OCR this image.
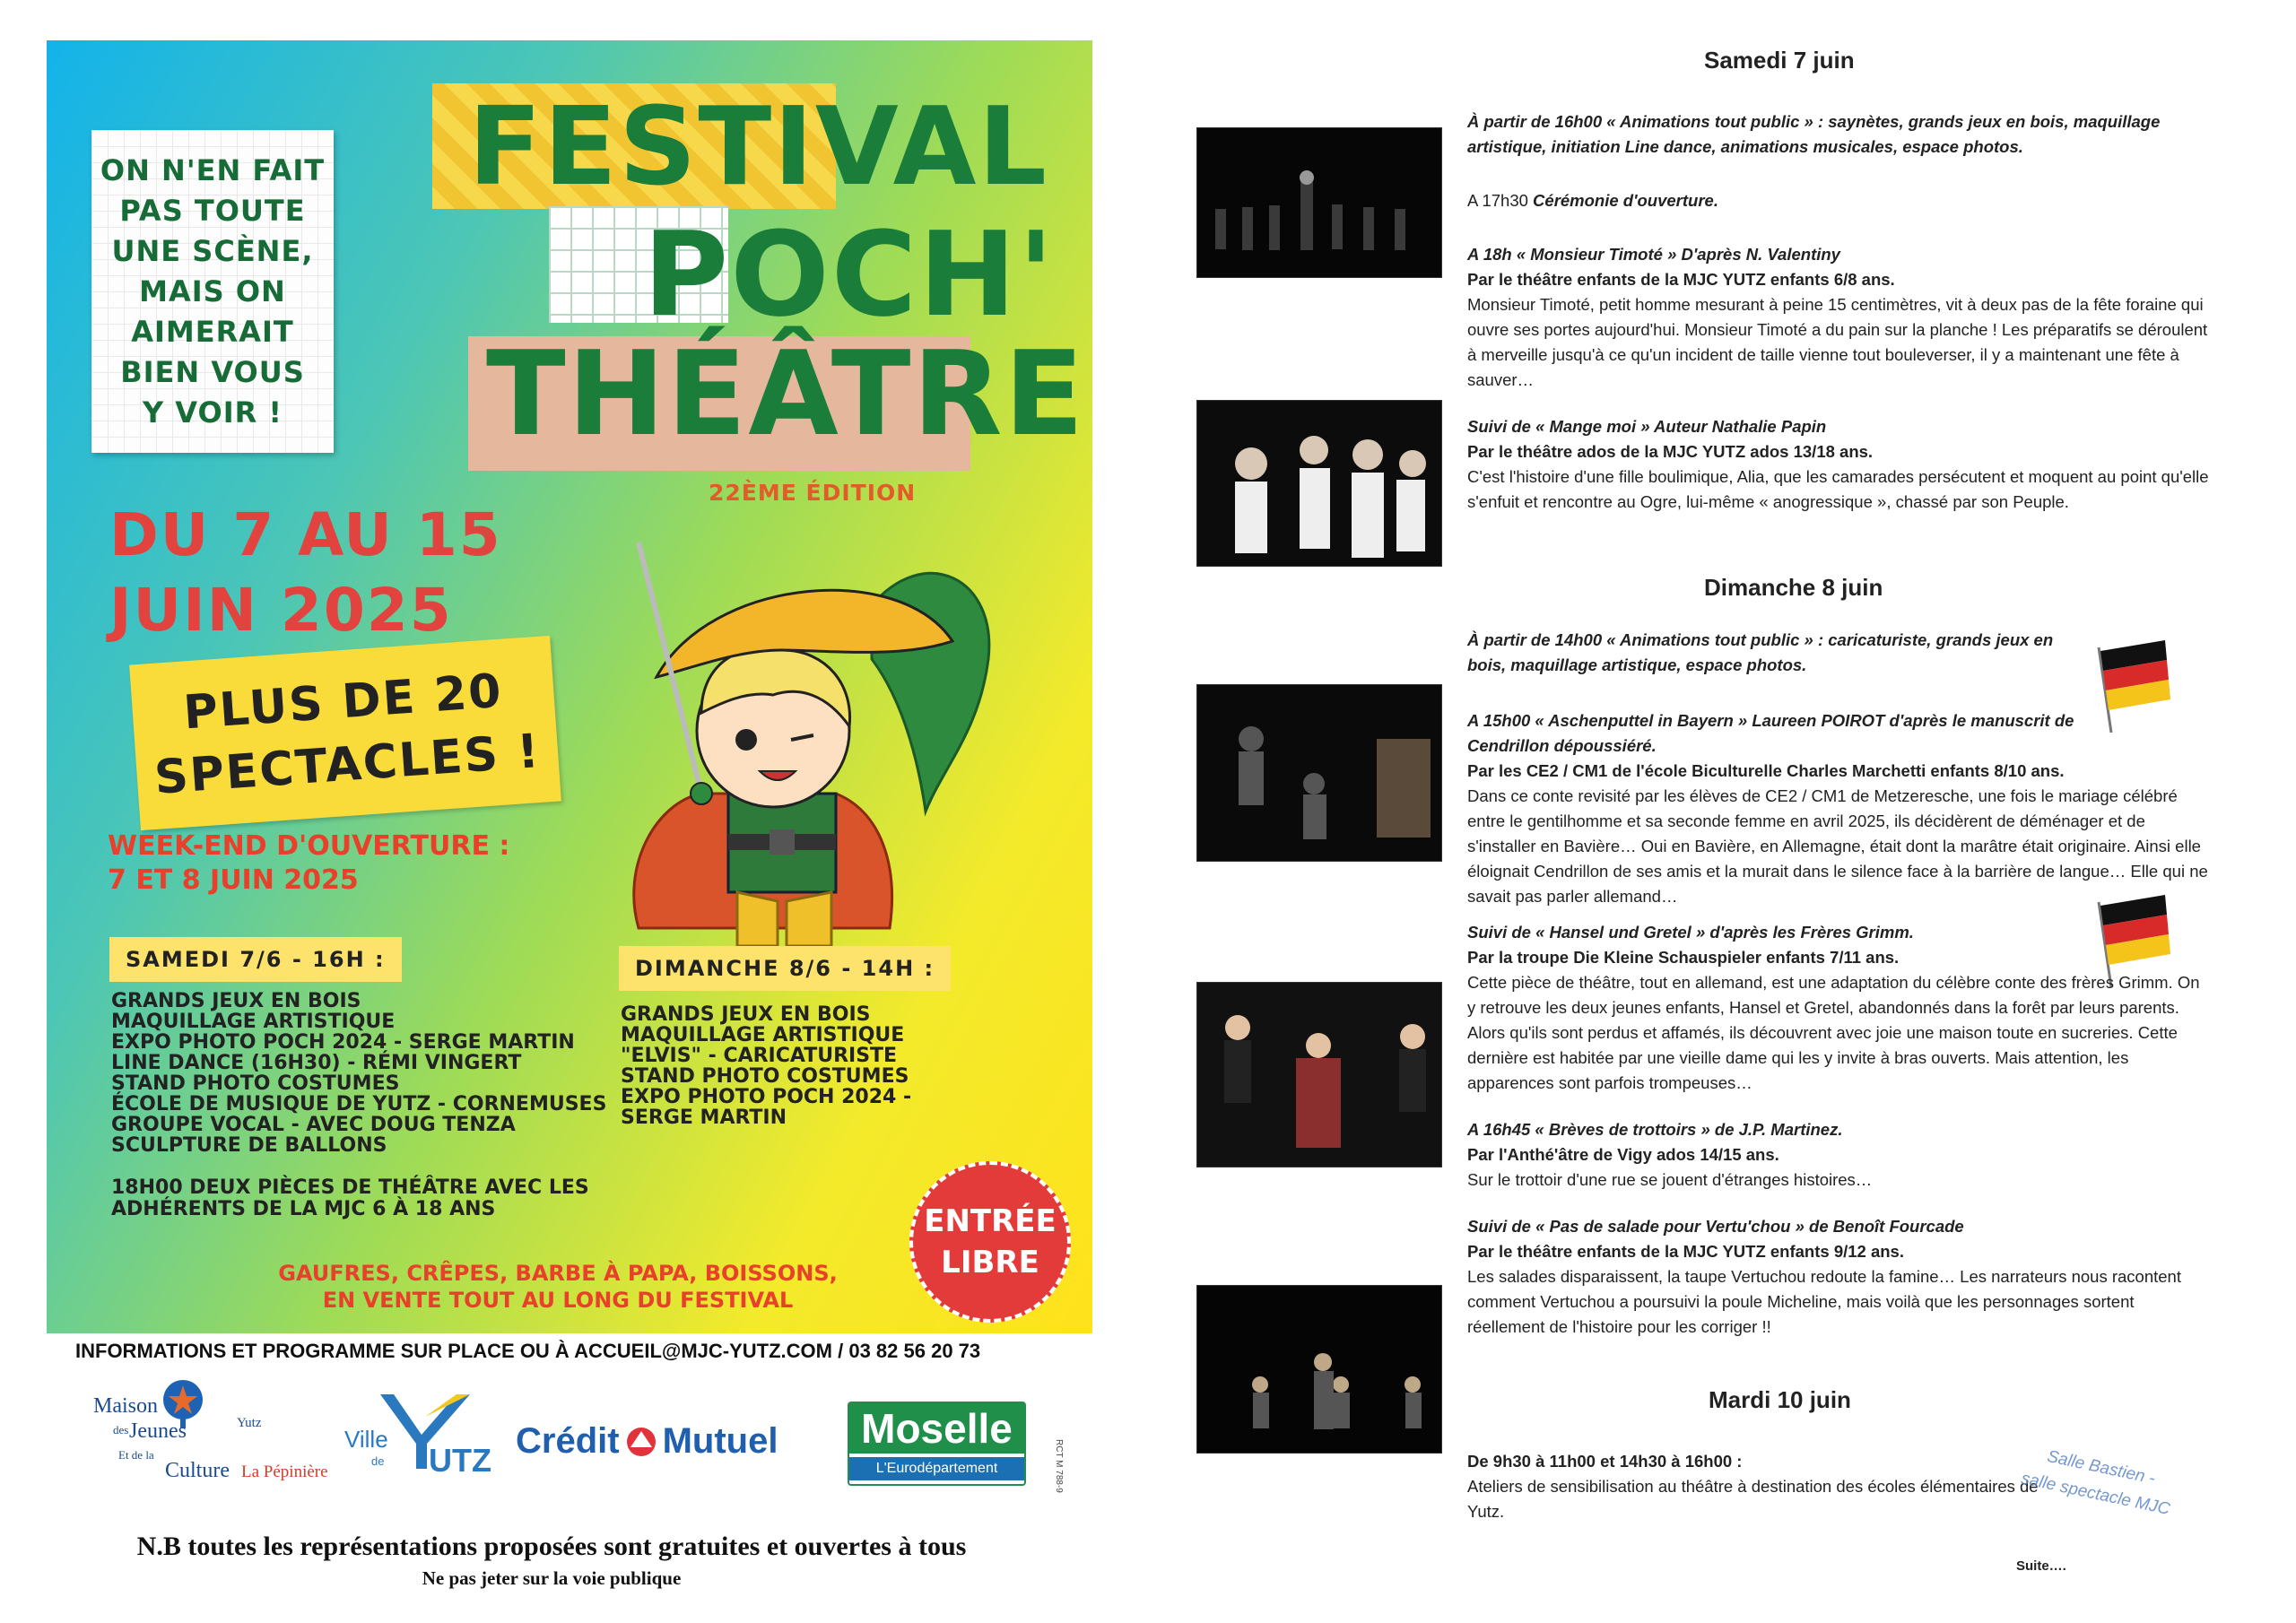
ON N'EN FAIT
PAS TOUTE
UNE SCÈNE,
MAIS ON
AIMERAIT
BIEN VOUS
Y VOIR !
FESTIVAL
POCH'
THÉÂTRE
22ÈME ÉDITION
DU 7 AU 15
JUIN 2025
PLUS DE 20
SPECTACLES !
WEEK-END D'OUVERTURE :
7 ET 8 JUIN 2025
SAMEDI 7/6 - 16H :	DIMANCHE 8/6 - 14H :
GRANDS JEUX EN BOIS
MAQUILLAGE ARTISTIQUE
EXPO PHOTO POCH 2024 - SERGE MARTIN
LINE DANCE (16H30) - RÉMI VINGERT
STAND PHOTO COSTUMES
ÉCOLE DE MUSIQUE DE YUTZ - CORNEMUSES
GROUPE VOCAL - AVEC DOUG TENZA
SCULPTURE DE BALLONS
GRANDS JEUX EN BOIS
MAQUILLAGE ARTISTIQUE
"ELVIS" - CARICATURISTE
STAND PHOTO COSTUMES
EXPO PHOTO POCH 2024 -
SERGE MARTIN
18H00 DEUX PIÈCES DE THÉÂTRE AVEC LES
ADHÉRENTS DE LA MJC 6 À 18 ANS	ENTRÉE
LIBRE
GAUFRES, CRÊPES, BARBE À PAPA, BOISSONS,
EN VENTE TOUT AU LONG DU FESTIVAL
INFORMATIONS ET PROGRAMME SUR PLACE OU À ACCUEIL@MJC-YUTZ.COM / 03 82 56 20 73
Maison
des Jeunes	Yutz
Et de la
Culture La Pépinière
Ville
de UTZ Crédit Mutuel Moselle
L'Eurodépartement	RCT M 788-9
N.B toutes les représentations proposées sont gratuites et ouvertes à tous
Ne pas jeter sur la voie publique
Samedi 7 juin

À partir de 16h00 « Animations tout public » : saynètes, grands jeux en bois, maquillage artistique, initiation Line dance, animations musicales, espace photos.

A 17h30 Cérémonie d'ouverture.

A 18h « Monsieur Timoté » D'après N. Valentiny

Par le théâtre enfants de la MJC YUTZ enfants 6/8 ans.

Monsieur Timoté, petit homme mesurant à peine 15 centimètres, vit à deux pas de la fête foraine qui ouvre ses portes aujourd'hui. Monsieur Timoté a du pain sur la planche ! Les préparatifs se déroulent à merveille jusqu'à ce qu'un incident de taille vienne tout bouleverser, il y a maintenant une fête à sauver…

Suivi de « Mange moi » Auteur Nathalie Papin

Par le théâtre ados de la MJC YUTZ ados 13/18 ans.

C'est l'histoire d'une fille boulimique, Alia, que les camarades persécutent et moquent au point qu'elle s'enfuit et rencontre au Ogre, lui-même « anogressique », chassé par son Peuple.

Dimanche 8 juin

À partir de 14h00 « Animations tout public » : caricaturiste, grands jeux en bois, maquillage artistique, espace photos.

A 15h00 « Aschenputtel in Bayern » Laureen POIROT d'après le manuscrit de Cendrillon dépoussiéré.

Par les CE2 / CM1 de l'école Biculturelle Charles Marchetti enfants 8/10 ans.

Dans ce conte revisité par les élèves de CE2 / CM1 de Metzeresche, une fois le mariage célébré entre le gentilhomme et sa seconde femme en avril 2025, ils décidèrent de déménager et de s'installer en Bavière… Oui en Bavière, en Allemagne, était dont la marâtre était originaire. Ainsi elle éloignait Cendrillon de ses amis et la murait dans le silence face à la barrière de langue… Elle qui ne savait pas parler allemand…

Suivi de « Hansel und Gretel » d'après les Frères Grimm.

Par la troupe Die Kleine Schauspieler enfants 7/11 ans.

Cette pièce de théâtre, tout en allemand, est une adaptation du célèbre conte des frères Grimm. On y retrouve les deux jeunes enfants, Hansel et Gretel, abandonnés dans la forêt par leurs parents. Alors qu'ils sont perdus et affamés, ils découvrent avec joie une maison toute en sucreries. Cette dernière est habitée par une vieille dame qui les y invite à bras ouverts. Mais attention, les apparences sont parfois trompeuses…

A 16h45 « Brèves de trottoirs » de J.P. Martinez.

Par l'Anthé'âtre de Vigy ados 14/15 ans.

Sur le trottoir d'une rue se jouent d'étranges histoires…

Suivi de « Pas de salade pour Vertu'chou » de Benoît Fourcade

Par le théâtre enfants de la MJC YUTZ enfants 9/12 ans.

Les salades disparaissent, la taupe Vertuchou redoute la famine… Les narrateurs nous racontent comment Vertuchou a poursuivi la poule Micheline, mais voilà que les personnages sortent réellement de l'histoire pour les corriger !!

Mardi 10 juin

De 9h30 à 11h00 et 14h30 à 16h00 :

Ateliers de sensibilisation au théâtre à destination des écoles élémentaires de Yutz.

Salle Bastien -
salle spectacle MJC
Suite….
